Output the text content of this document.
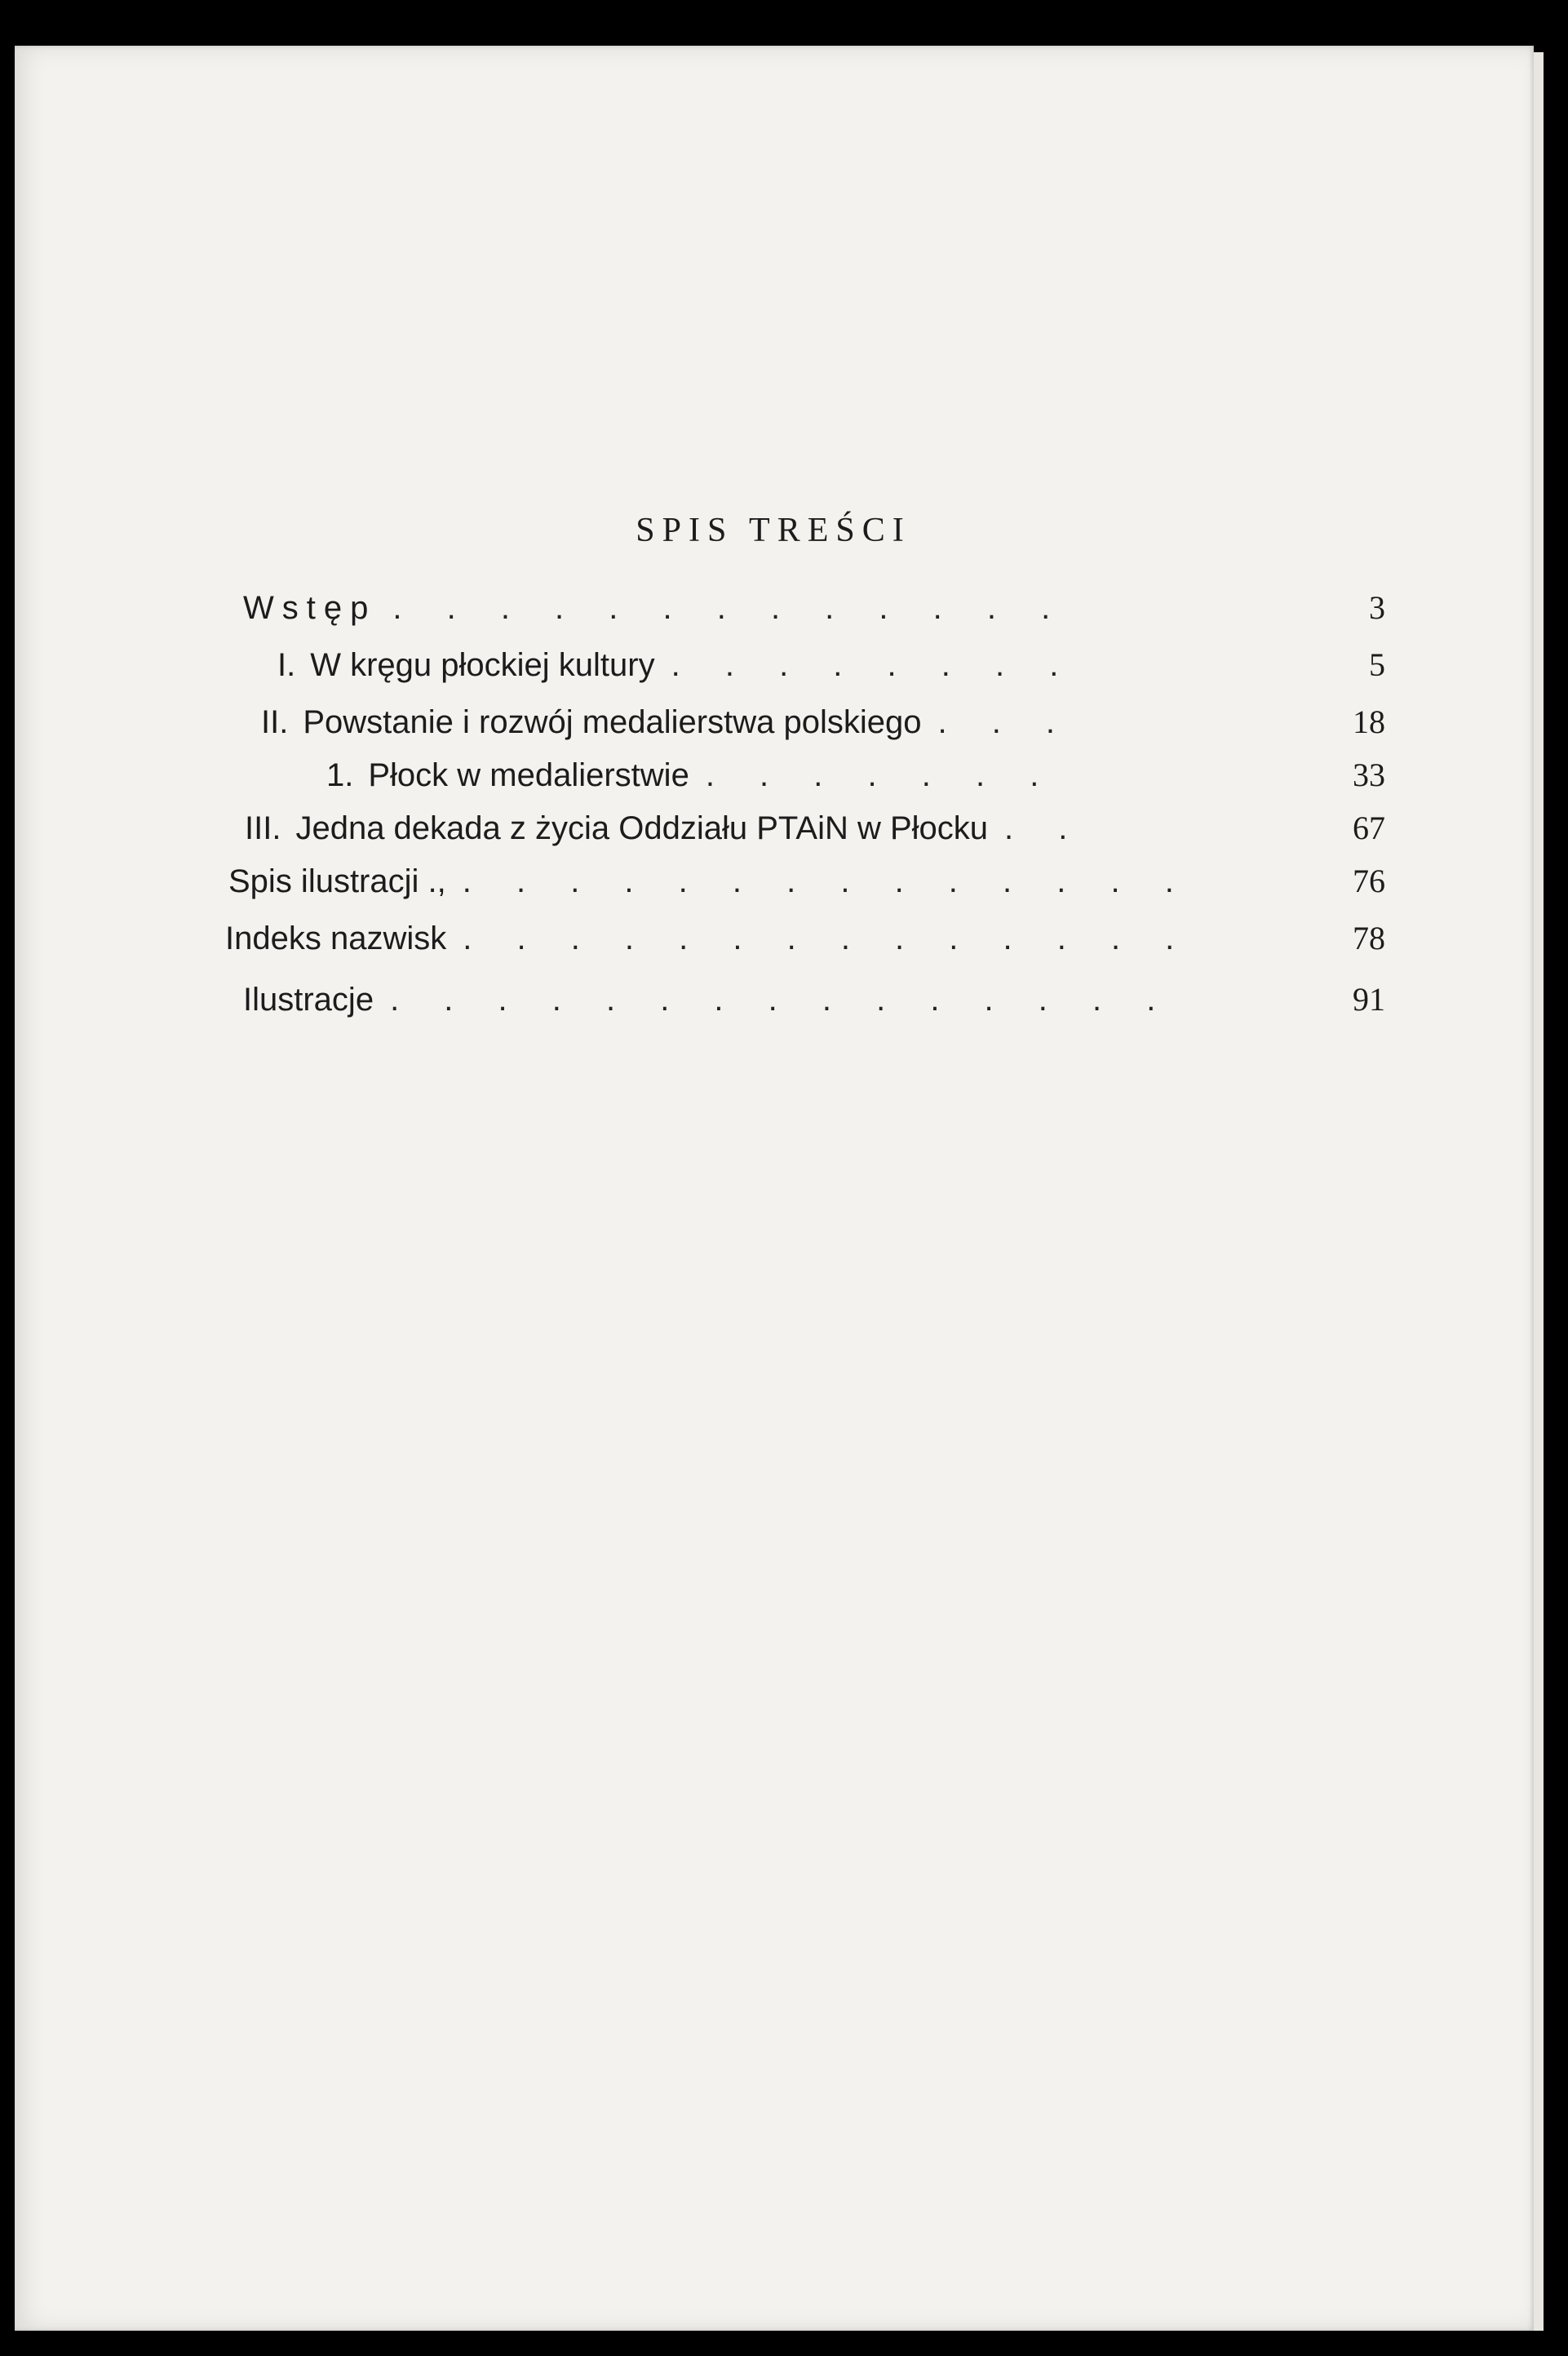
SPIS TREŚCI
Wstęp . . . . . . . . . . . . .	3
I. W kręgu płockiej kultury . . . . . . . .	5
II. Powstanie i rozwój medalierstwa polskiego . . .	18
1. Płock w medalierstwie . . . . . . .	33
III. Jedna dekada z życia Oddziału PTAiN w Płocku . .	67
Spis ilustracji ., . . . . . . . . . . . . . .	76
Indeks nazwisk . . . . . . . . . . . . . .	78
Ilustracje . . . . . . . . . . . . . . .	91
